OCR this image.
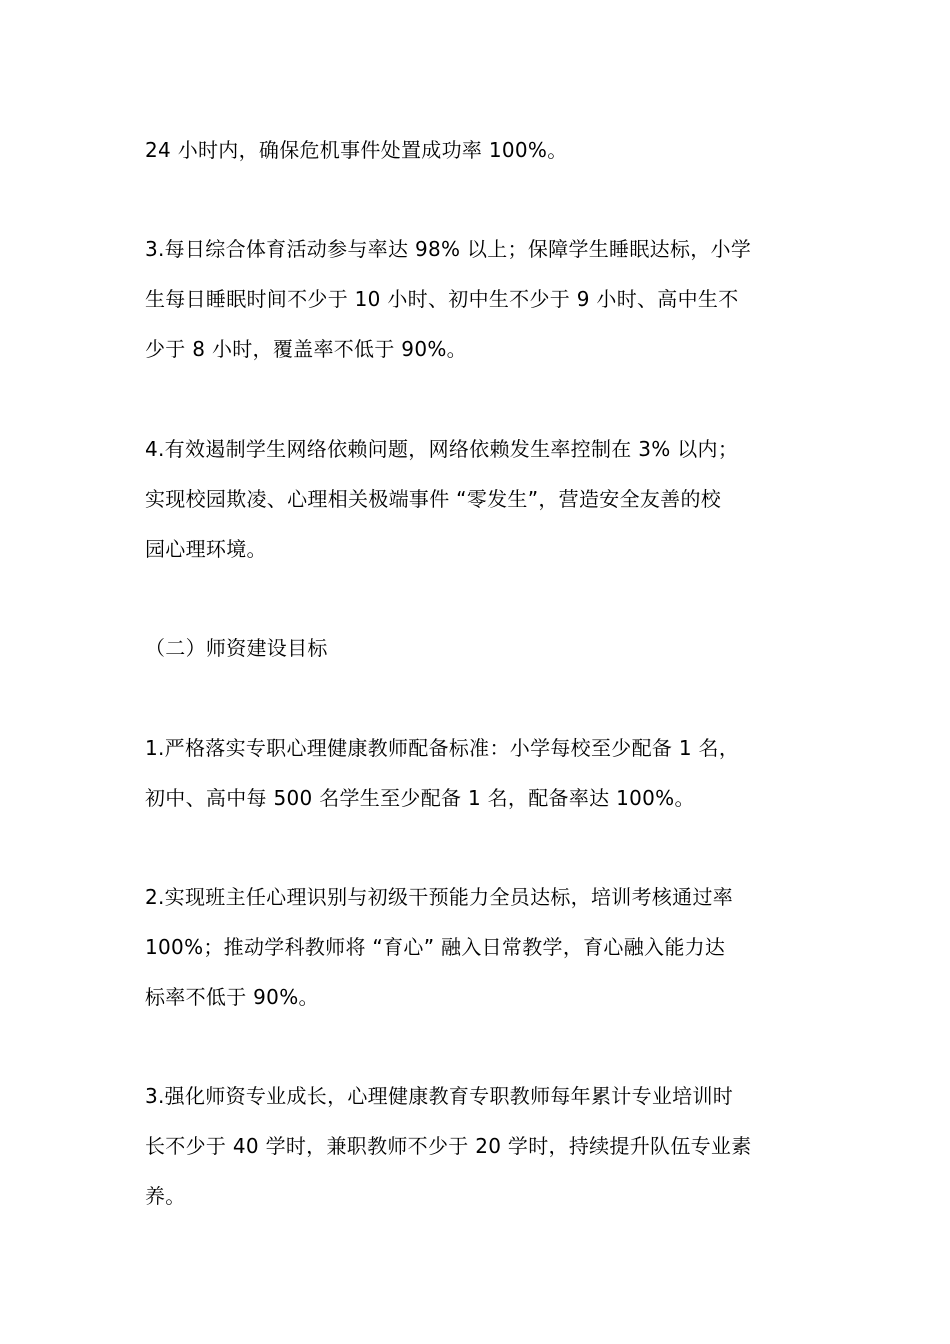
24 小时内，确保危机事件处置成功率 100%。
3.每日综合体育活动参与率达 98% 以上；保障学生睡眠达标，小学
生每日睡眠时间不少于 10 小时、初中生不少于 9 小时、高中生不
少于 8 小时，覆盖率不低于 90%。
4.有效遏制学生网络依赖问题，网络依赖发生率控制在 3% 以内；
实现校园欺凌、心理相关极端事件 “零发生”，营造安全友善的校
园心理环境。
（二）师资建设目标
1.严格落实专职心理健康教师配备标准：小学每校至少配备 1 名，
初中、高中每 500 名学生至少配备 1 名，配备率达 100%。
2.实现班主任心理识别与初级干预能力全员达标，培训考核通过率
100%；推动学科教师将 “育心” 融入日常教学，育心融入能力达
标率不低于 90%。
3.强化师资专业成长，心理健康教育专职教师每年累计专业培训时
长不少于 40 学时，兼职教师不少于 20 学时，持续提升队伍专业素
养。
